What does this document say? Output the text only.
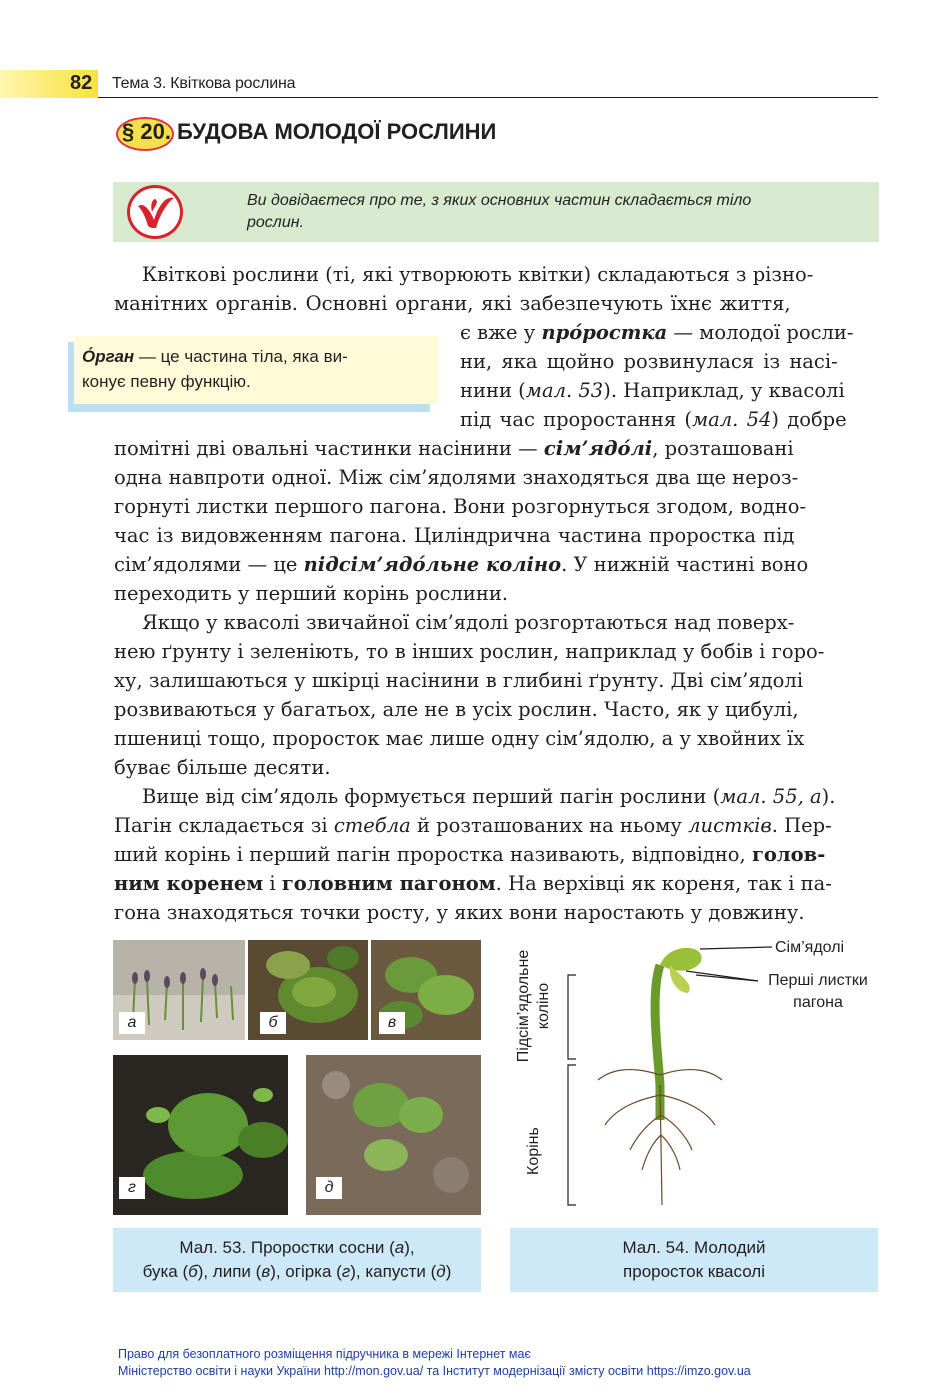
82 Тема 3. Квіткова рослина
§ 20. БУДОВА МОЛОДОЇ РОСЛИНИ
Ви довідаєтеся про те, з яких основних частин складається тіло
рослин.
О́рган — це частина тіла, яка ви-
конує певну функцію.
Квіткові рослини (ті, які утворюють квітки) складаються з різно-
манітних органів. Основні органи, які забезпечують їхнє життя,
є вже у про́ростка — молодої росли-
ни, яка щойно розвинулася із насі-
нини (мал. 53). Наприклад, у квасолі
під час проростання (мал. 54) добре
помітні дві овальні частинки насінини — сім’ядо́лі, розташовані
одна навпроти одної. Між сім’ядолями знаходяться два ще нероз-
горнуті листки першого пагона. Вони розгорнуться згодом, водно-
час із видовженням пагона. Циліндрична частина проростка під
сім’ядолями — це підсім’ядо́льне коліно. У нижній частині воно
переходить у перший корінь рослини.
Якщо у квасолі звичайної сім’ядолі розгортаються над поверх-
нею ґрунту і зеленіють, то в інших рослин, наприклад у бобів і горо-
ху, залишаються у шкірці насінини в глибині ґрунту. Дві сім’ядолі
розвиваються у багатьох, але не в усіх рослин. Часто, як у цибулі,
пшениці тощо, проросток має лише одну сім’ядолю, а у хвойних їх
буває більше десяти.
Вище від сім’ядоль формується перший пагін рослини (мал. 55, а).
Пагін складається зі стебла й розташованих на ньому листків. Пер-
ший корінь і перший пагін проростка називають, відповідно, голов-
ним коренем і головним пагоном. На верхівці як кореня, так і па-
гона знаходяться точки росту, у яких вони наростають у довжину.
а	б	в
г	д
Мал. 53. Проростки сосни (а),
бука (б), липи (в), огірка (г), капусти (д)
Сім’ядолі
Перші листки
пагона
Підсім’ядольне коліно
Корінь
Мал. 54. Молодий
проросток квасолі
Право для безоплатного розміщення підручника в мережі Інтернет має
Міністерство освіти і науки України http://mon.gov.ua/ та Інститут модернізації змісту освіти https://imzo.gov.ua
